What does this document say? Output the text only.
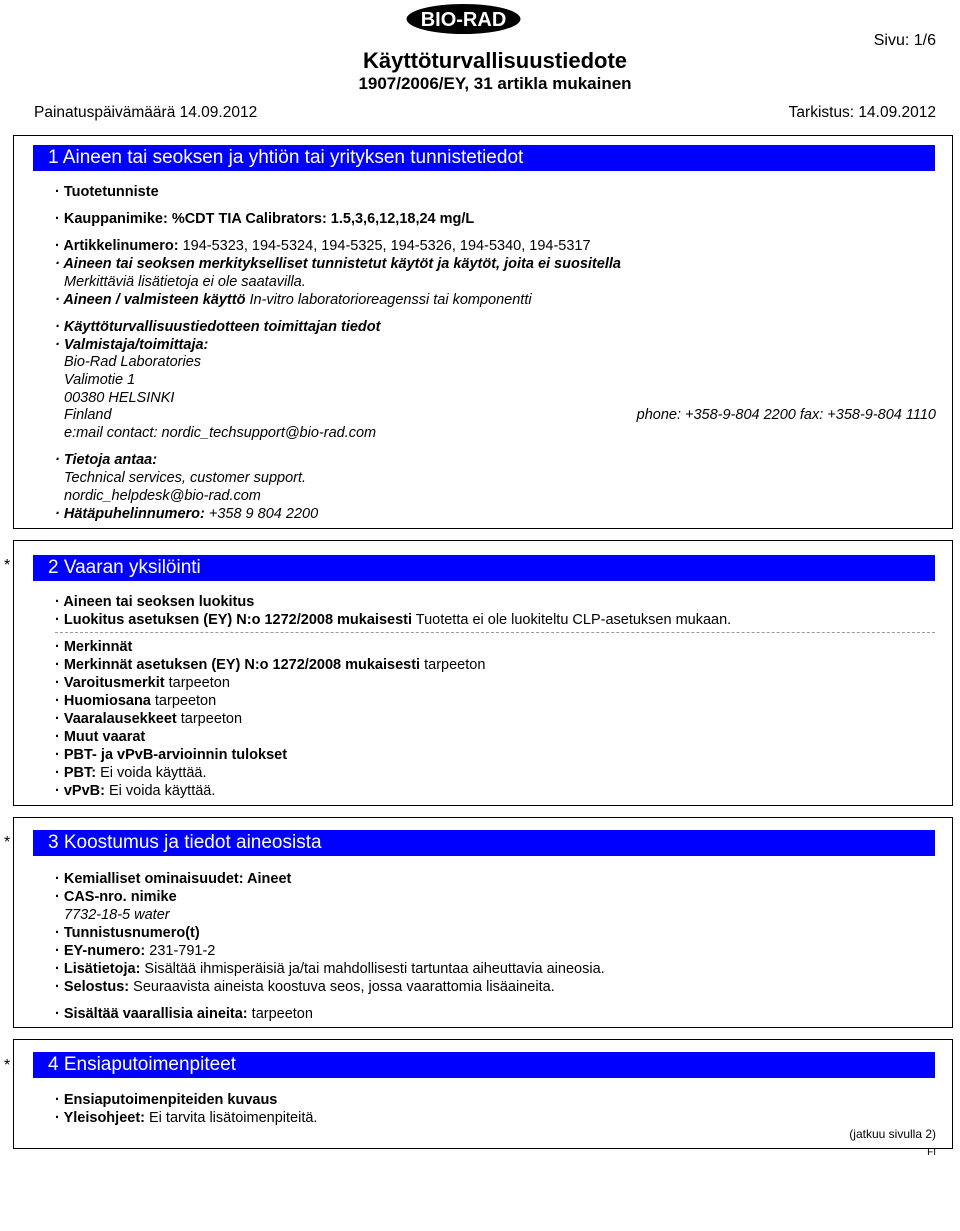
BIO-RAD
Käyttöturvallisuustiedote
1907/2006/EY, 31 artikla mukainen
Sivu: 1/6
Painatuspäivämäärä 14.09.2012	Tarkistus: 14.09.2012
1 Aineen tai seoksen ja yhtiön tai yrityksen tunnistetiedot
· Tuotetunniste
· Kauppanimike: %CDT TIA Calibrators: 1.5,3,6,12,18,24 mg/L
· Artikkelinumero: 194-5323, 194-5324, 194-5325, 194-5326, 194-5340, 194-5317
· Aineen tai seoksen merkitykselliset tunnistetut käytöt ja käytöt, joita ei suositella
Merkittäviä lisätietoja ei ole saatavilla.
· Aineen / valmisteen käyttö In-vitro laboratorioreagenssi tai komponentti
· Käyttöturvallisuustiedotteen toimittajan tiedot
· Valmistaja/toimittaja:
Bio-Rad Laboratories
Valimotie 1
00380 HELSINKI
Finland	phone: +358-9-804 2200 fax: +358-9-804 1110
e:mail contact: nordic_techsupport@bio-rad.com
· Tietoja antaa:
Technical services, customer support.
nordic_helpdesk@bio-rad.com
· Hätäpuhelinnumero: +358 9 804 2200
*	2 Vaaran yksilöinti
· Aineen tai seoksen luokitus
· Luokitus asetuksen (EY) N:o 1272/2008 mukaisesti Tuotetta ei ole luokiteltu CLP-asetuksen mukaan.
· Merkinnät
· Merkinnät asetuksen (EY) N:o 1272/2008 mukaisesti tarpeeton
· Varoitusmerkit tarpeeton
· Huomiosana tarpeeton
· Vaaralausekkeet tarpeeton
· Muut vaarat
· PBT- ja vPvB-arvioinnin tulokset
· PBT: Ei voida käyttää.
· vPvB: Ei voida käyttää.
*	3 Koostumus ja tiedot aineosista
· Kemialliset ominaisuudet: Aineet
· CAS-nro. nimike
7732-18-5 water
· Tunnistusnumero(t)
· EY-numero: 231-791-2
· Lisätietoja: Sisältää ihmisperäisiä ja/tai mahdollisesti tartuntaa aiheuttavia aineosia.
· Selostus: Seuraavista aineista koostuva seos, jossa vaarattomia lisäaineita.
· Sisältää vaarallisia aineita: tarpeeton
*	4 Ensiaputoimenpiteet
· Ensiaputoimenpiteiden kuvaus
· Yleisohjeet: Ei tarvita lisätoimenpiteitä.
(jatkuu sivulla 2)
FI
